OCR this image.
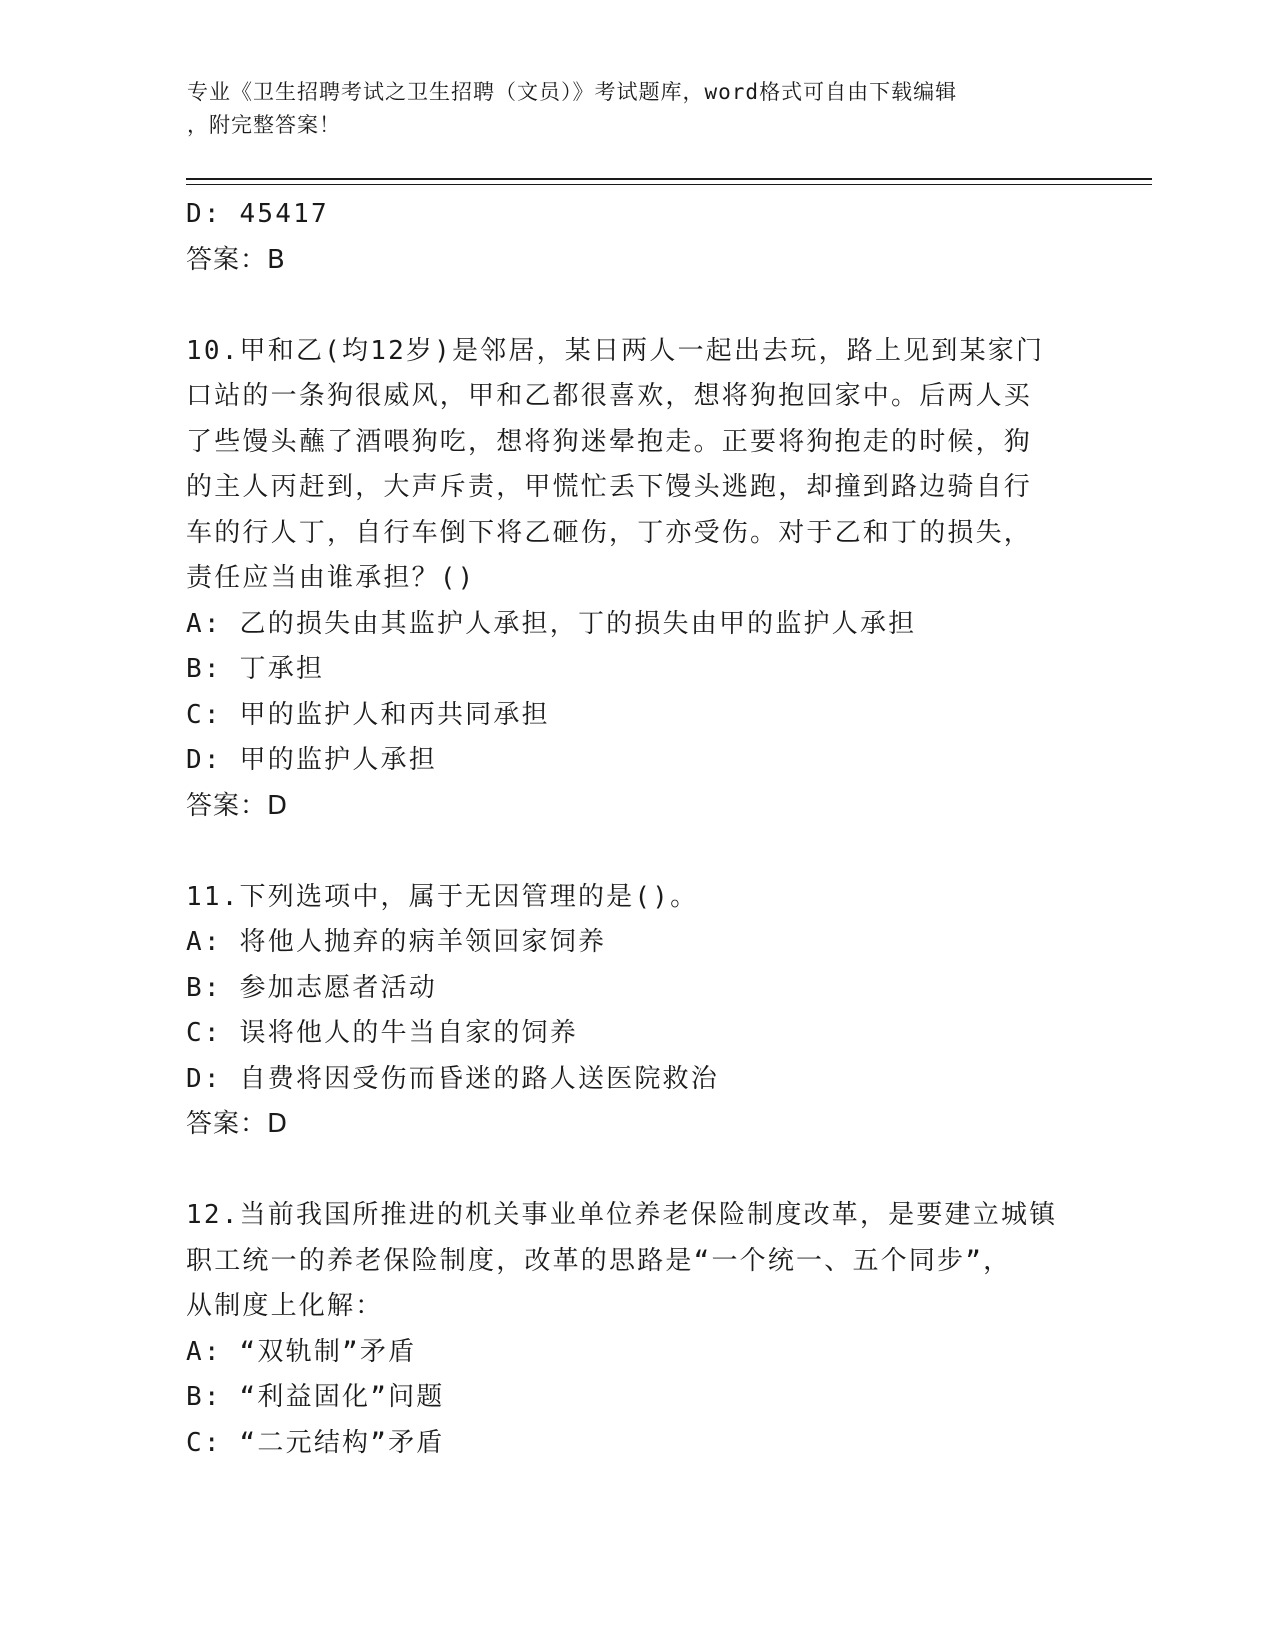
专业《卫生招聘考试之卫生招聘（文员）》考试题库，word格式可自由下载编辑
，附完整答案！
D: 45417
答案：B
10.甲和乙(均12岁)是邻居，某日两人一起出去玩，路上见到某家门
口站的一条狗很威风，甲和乙都很喜欢，想将狗抱回家中。后两人买
了些馒头蘸了酒喂狗吃，想将狗迷晕抱走。正要将狗抱走的时候，狗
的主人丙赶到，大声斥责，甲慌忙丢下馒头逃跑，却撞到路边骑自行
车的行人丁，自行车倒下将乙砸伤，丁亦受伤。对于乙和丁的损失，
责任应当由谁承担？()
A: 乙的损失由其监护人承担，丁的损失由甲的监护人承担
B: 丁承担
C: 甲的监护人和丙共同承担
D: 甲的监护人承担
答案：D
11.下列选项中，属于无因管理的是()。
A: 将他人抛弃的病羊领回家饲养
B: 参加志愿者活动
C: 误将他人的牛当自家的饲养
D: 自费将因受伤而昏迷的路人送医院救治
答案：D
12.当前我国所推进的机关事业单位养老保险制度改革，是要建立城镇
职工统一的养老保险制度，改革的思路是“一个统一、五个同步”，
从制度上化解：
A: “双轨制”矛盾
B: “利益固化”问题
C: “二元结构”矛盾
